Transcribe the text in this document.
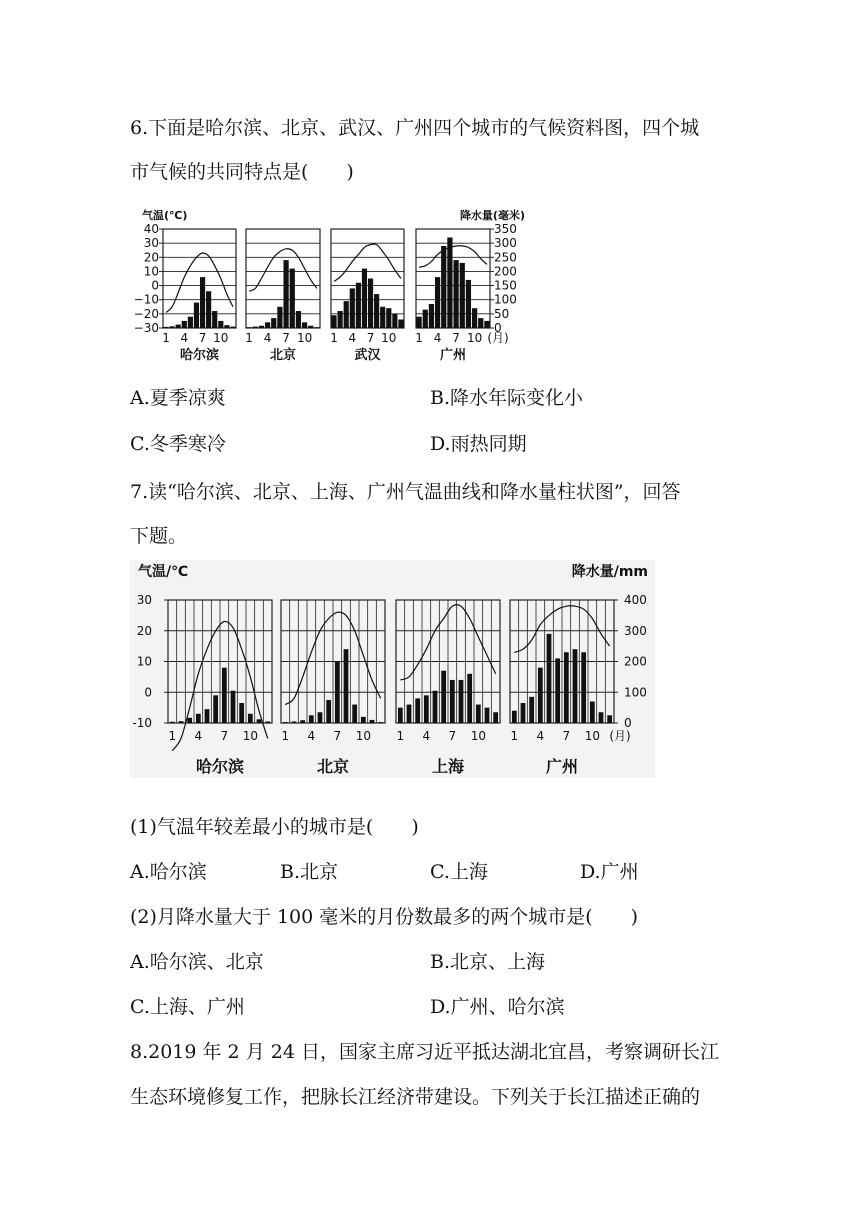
6.下面是哈尔滨、北京、武汉、广州四个城市的气候资料图，四个城
市气候的共同特点是(　　)
气温(℃)	降水量(毫米)
40
30
20
10
0
−10
−20
−30
350
300
250
200
150
100
50
0
1 4 7 10
哈尔滨
1 4 7 10
北京
1 4 7 10
武汉
1 4 7 10
广州
(月)
A.夏季凉爽	B.降水年际变化小
C.冬季寒冷	D.雨热同期
7.读“哈尔滨、北京、上海、广州气温曲线和降水量柱状图”，回答
下题。
气温/℃	降水量/mm
30
20
10
0
-10
400
300
200
100
0
1 4 7 10
哈尔滨
1 4 7 10
北京
1 4 7 10
上海
1 4 7 10
广州
(月)
(1)气温年较差最小的城市是(　　)
A.哈尔滨	B.北京	C.上海	D.广州
(2)月降水量大于 100 毫米的月份数最多的两个城市是(　　)
A.哈尔滨、北京	B.北京、上海
C.上海、广州	D.广州、哈尔滨
8.2019 年 2 月 24 日，国家主席习近平抵达湖北宜昌，考察调研长江
生态环境修复工作，把脉长江经济带建设。下列关于长江描述正确的
